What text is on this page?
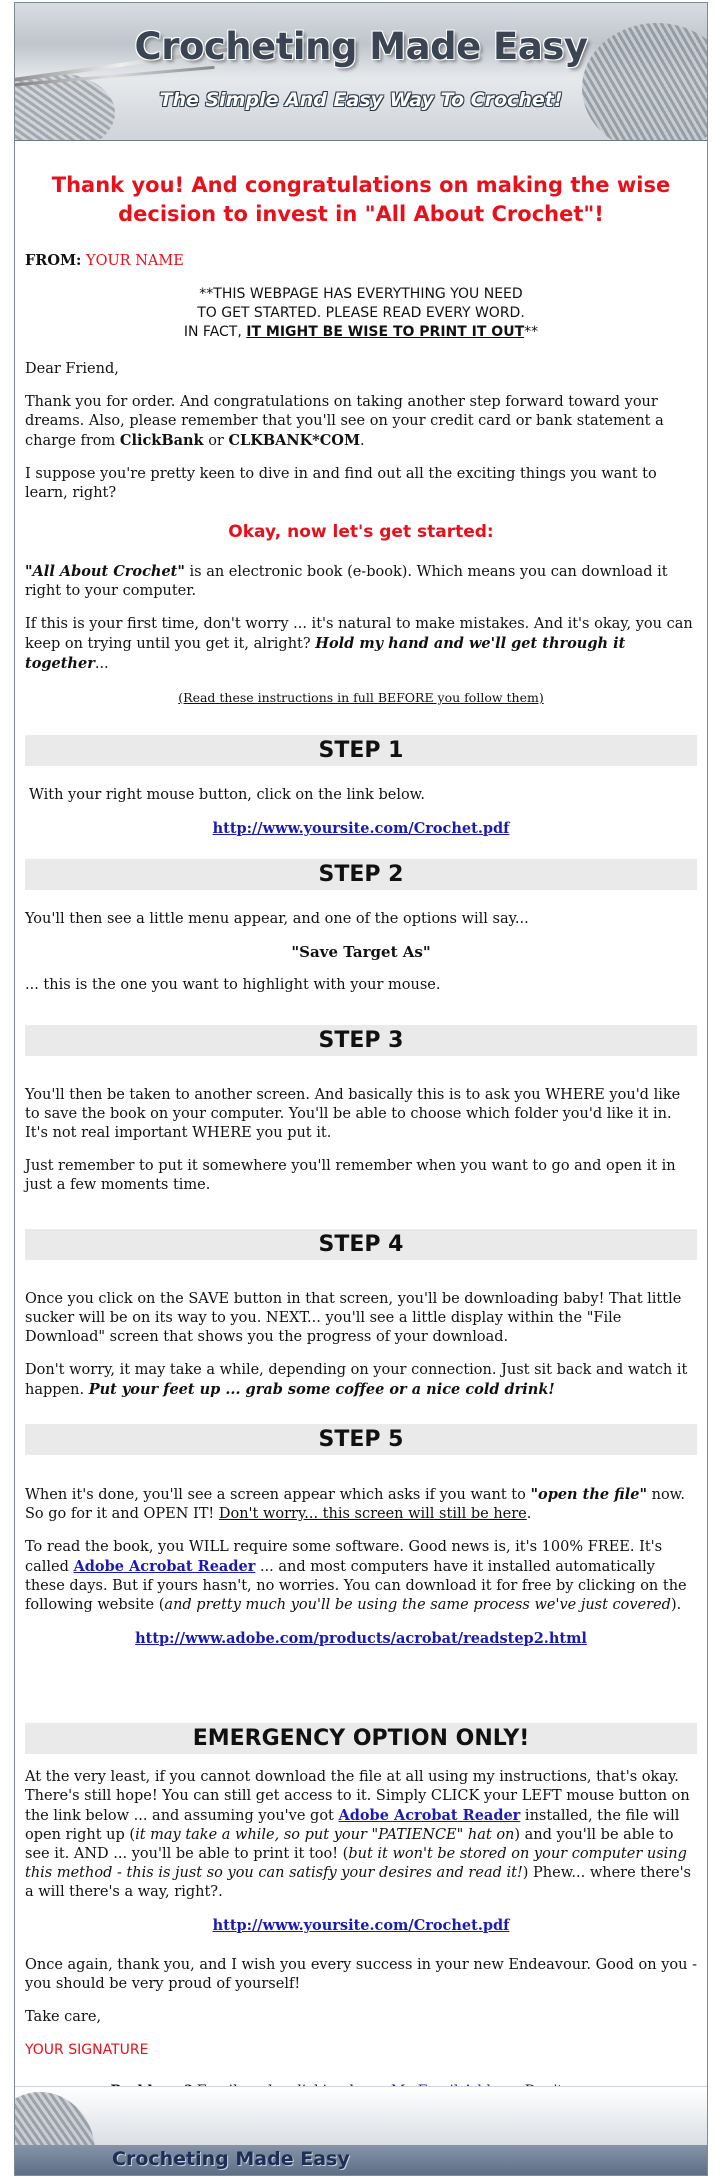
Crocheting Made Easy
The Simple And Easy Way To Crochet!
Thank you! And congratulations on making the wise decision to invest in "All About Crochet"!

FROM: YOUR NAME

**THIS WEBPAGE HAS EVERYTHING YOU NEED
TO GET STARTED. PLEASE READ EVERY WORD.
IN FACT, IT MIGHT BE WISE TO PRINT IT OUT**

Dear Friend,

Thank you for order. And congratulations on taking another step forward toward your dreams. Also, please remember that you'll see on your credit card or bank statement a charge from ClickBank or CLKBANK*COM.

I suppose you're pretty keen to dive in and find out all the exciting things you want to learn, right?

Okay, now let's get started:

"All About Crochet" is an electronic book (e-book). Which means you can download it right to your computer.

If this is your first time, don't worry ... it's natural to make mistakes. And it's okay, you can keep on trying until you get it, alright? Hold my hand and we'll get through it together...

(Read these instructions in full BEFORE you follow them)
STEP 1

With your right mouse button, click on the link below.

http://www.yoursite.com/Crochet.pdf

STEP 2

You'll then see a little menu appear, and one of the options will say...

"Save Target As"

... this is the one you want to highlight with your mouse.

STEP 3

You'll then be taken to another screen. And basically this is to ask you WHERE you'd like to save the book on your computer. You'll be able to choose which folder you'd like it in. It's not real important WHERE you put it.

Just remember to put it somewhere you'll remember when you want to go and open it in just a few moments time.

STEP 4

Once you click on the SAVE button in that screen, you'll be downloading baby! That little sucker will be on its way to you. NEXT... you'll see a little display within the "File Download" screen that shows you the progress of your download.

Don't worry, it may take a while, depending on your connection. Just sit back and watch it happen. Put your feet up ... grab some coffee or a nice cold drink!

STEP 5

When it's done, you'll see a screen appear which asks if you want to "open the file" now. So go for it and OPEN IT! Don't worry... this screen will still be here.

To read the book, you WILL require some software. Good news is, it's 100% FREE. It's called Adobe Acrobat Reader ... and most computers have it installed automatically these days. But if yours hasn't, no worries. You can download it for free by clicking on the following website (and pretty much you'll be using the same process we've just covered).

http://www.adobe.com/products/acrobat/readstep2.html

EMERGENCY OPTION ONLY!

At the very least, if you cannot download the file at all using my instructions, that's okay. There's still hope! You can still get access to it. Simply CLICK your LEFT mouse button on the link below ... and assuming you've got Adobe Acrobat Reader installed, the file will open right up (it may take a while, so put your "PATIENCE" hat on) and you'll be able to see it. AND ... you'll be able to print it too! (but it won't be stored on your computer using this method - this is just so you can satisfy your desires and read it!) Phew... where there's a will there's a way, right?.

http://www.yoursite.com/Crochet.pdf

Once again, thank you, and I wish you every success in your new Endeavour. Good on you - you should be very proud of yourself!

Take care,

YOUR SIGNATURE

Crocheting Made Easy
